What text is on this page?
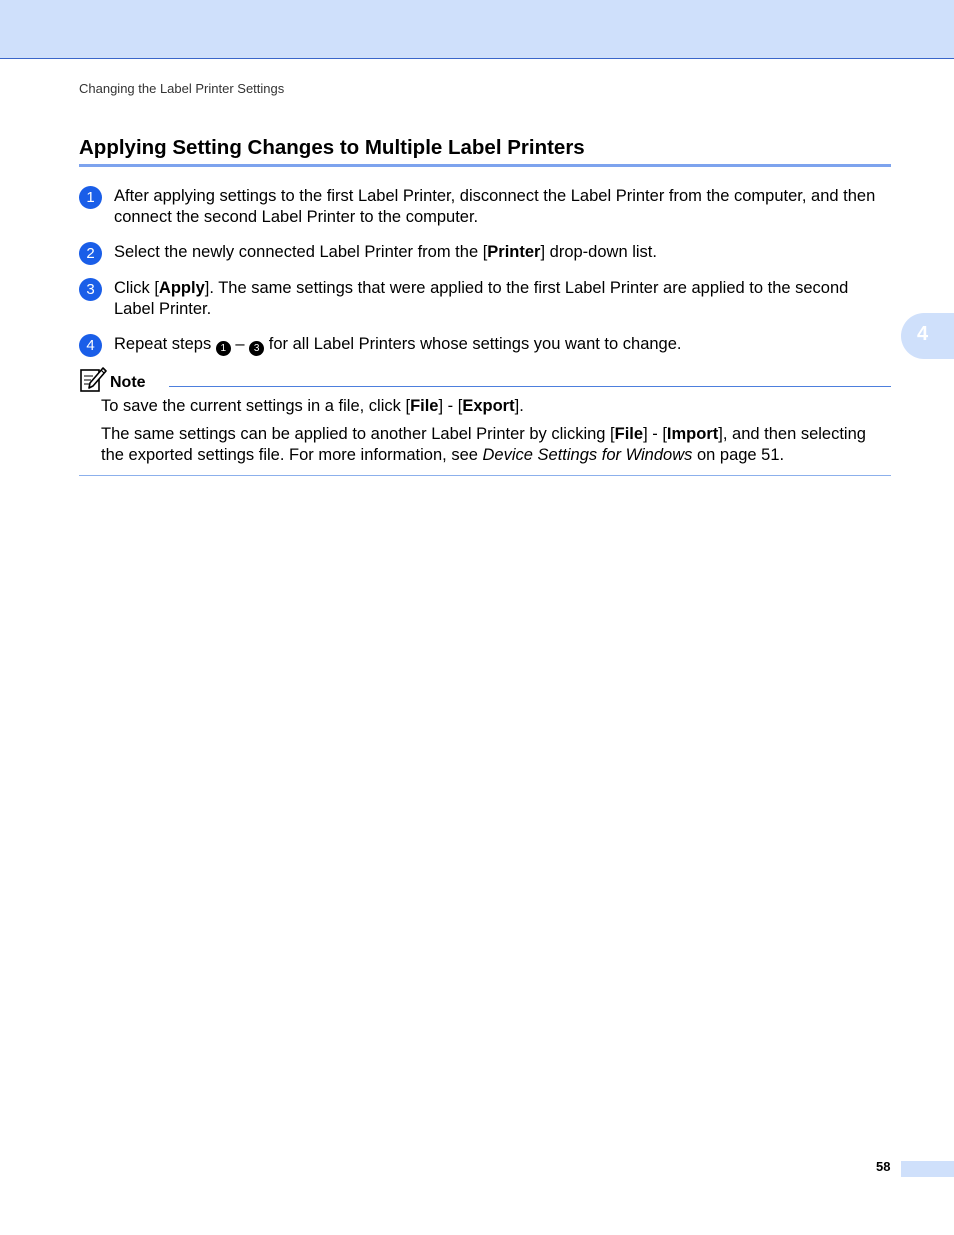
Changing the Label Printer Settings
Applying Setting Changes to Multiple Label Printers
1	After applying settings to the first Label Printer, disconnect the Label Printer from the computer, and then connect the second Label Printer to the computer.
2	Select the newly connected Label Printer from the [Printer] drop-down list.
3	Click [Apply]. The same settings that were applied to the first Label Printer are applied to the second Label Printer.
4	Repeat steps 1 – 3 for all Label Printers whose settings you want to change.
Note
To save the current settings in a file, click [File] - [Export].
The same settings can be applied to another Label Printer by clicking [File] - [Import], and then selecting the exported settings file. For more information, see Device Settings for Windows on page 51.
4
58
